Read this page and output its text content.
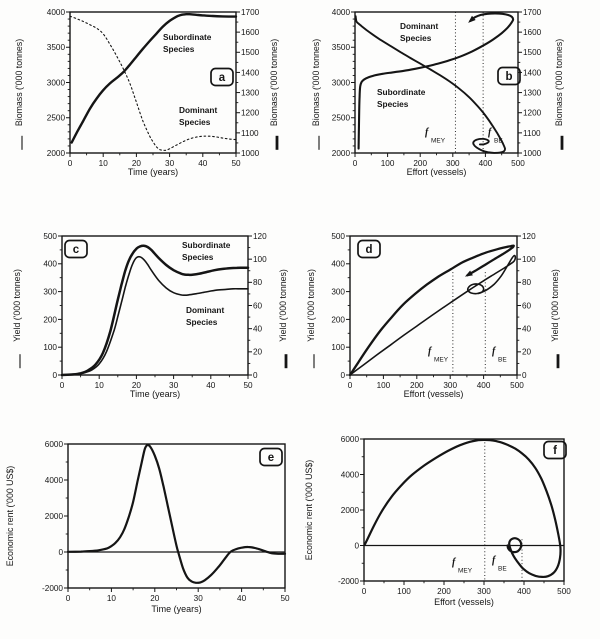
0	10	20	30	40	50
Time (years)
2000
2500
3000
3500
4000
Biomass ('000 tonnes)
1000
1100
1200
1300
1400
1500
1600
1700
Biomass ('000 tonnes)
Subordinate
Species
Dominant
Species
a
0	100 200 300 400 500
Effort (vessels)
2000
2500
3000
3500
4000
Biomass ('000 tonnes)
1000
1100
1200
1300
1400
1500
1600
1700
Biomass ('000 tonnes)
Dominant
Species
Subordinate
Species
f
MEY
f
BE
b
0	10	20	30	40	50
Time (years)
0
100
200
300
400
500
Yield ('000 tonnes)
0
20
40
60
80
100
120
Yield ('000 tonnes)
Subordinate
Species
Dominant
Species
c
0	100 200 300 400 500
Effort (vessels)
0
100
200
300
400
500
Yield ('000 tonnes)
0
20
40
60
80
100
120
Yield ('000 tonnes)
f
MEY
f
BE
d
0	10	20	30	40	50
Time (years)
-2000
0
2000
4000
6000
Economic rent ('000 US$)
e
0	100	200	300	400	500
Effort (vessels)
-2000
0
2000
4000
6000
Economic rent ('000 US$)
f
MEY
f
BE
f
